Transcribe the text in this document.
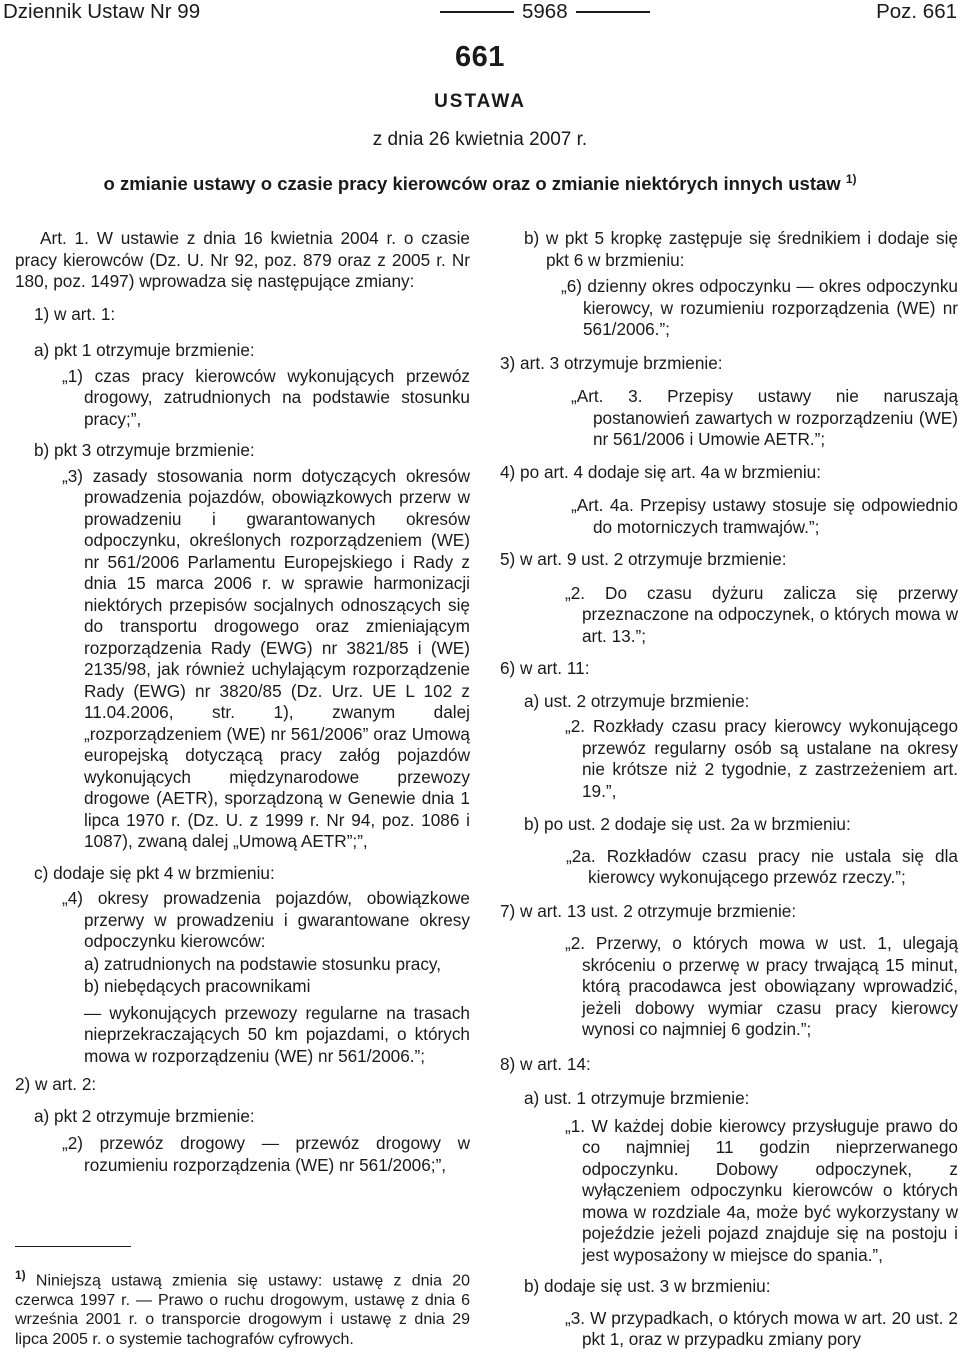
Dziennik Ustaw Nr 99	5968	Poz. 661
661
USTAWA
z dnia 26 kwietnia 2007 r.
o zmianie ustawy o czasie pracy kierowców oraz o zmianie niektórych innych ustaw $^{1)}$

Art. 1. W ustawie z dnia 16 kwietnia 2004 r. o czasie pracy kierowców (Dz. U. Nr 92, poz. 879 oraz z 2005 r. Nr 180, poz. 1497) wprowadza się następujące zmiany:

1) w art. 1:
a) pkt 1 otrzymuje brzmienie:

„1) czas pracy kierowców wykonujących przewóz drogowy, zatrudnionych na podstawie stosunku pracy;”,

b) pkt 3 otrzymuje brzmienie:

„3) zasady stosowania norm dotyczących okresów prowadzenia pojazdów, obowiązkowych przerw w prowadzeniu i gwarantowanych okresów odpoczynku, określonych rozporządzeniem (WE) nr 561/2006 Parlamentu Europejskiego i Rady z dnia 15 marca 2006 r. w sprawie harmonizacji niektórych przepisów socjalnych odnoszących się do transportu drogowego oraz zmieniającym rozporządzenia Rady (EWG) nr 3821/85 i (WE) 2135/98, jak również uchylającym rozporządzenie Rady (EWG) nr 3820/85 (Dz. Urz. UE L 102 z 11.04.2006, str. 1), zwanym dalej „rozporządzeniem (WE) nr 561/2006” oraz Umową europejską dotyczącą pracy załóg pojazdów wykonujących międzynarodowe przewozy drogowe (AETR), sporządzoną w Genewie dnia 1 lipca 1970 r. (Dz. U. z 1999 r. Nr 94, poz. 1086 i 1087), zwaną dalej „Umową AETR”;”,

c) dodaje się pkt 4 w brzmieniu:

„4) okresy prowadzenia pojazdów, obowiązkowe przerwy w prowadzeniu i gwarantowane okresy odpoczynku kierowców:

a) zatrudnionych na podstawie stosunku pracy,

b) niebędących pracownikami

— wykonujących przewozy regularne na trasach nieprzekraczających 50 km pojazdami, o których mowa w rozporządzeniu (WE) nr 561/2006.”;

2) w art. 2:
a) pkt 2 otrzymuje brzmienie:

„2) przewóz drogowy — przewóz drogowy w rozumieniu rozporządzenia (WE) nr 561/2006;”,

$^{1)}$ Niniejszą ustawą zmienia się ustawy: ustawę z dnia 20 czerwca 1997 r. — Prawo o ruchu drogowym, ustawę z dnia 6 września 2001 r. o transporcie drogowym i ustawę z dnia 29 lipca 2005 r. o systemie tachografów cyfrowych.

b) w pkt 5 kropkę zastępuje się średnikiem i dodaje się pkt 6 w brzmieniu:

„6) dzienny okres odpoczynku — okres odpoczynku kierowcy, w rozumieniu rozporządzenia (WE) nr 561/2006.”;

3) art. 3 otrzymuje brzmienie:

„Art. 3. Przepisy ustawy nie naruszają postanowień zawartych w rozporządzeniu (WE) nr 561/2006 i Umowie AETR.”;

4) po art. 4 dodaje się art. 4a w brzmieniu:

„Art. 4a. Przepisy ustawy stosuje się odpowiednio do motorniczych tramwajów.”;

5) w art. 9 ust. 2 otrzymuje brzmienie:

„2. Do czasu dyżuru zalicza się przerwy przeznaczone na odpoczynek, o których mowa w art. 13.”;

6) w art. 11:
a) ust. 2 otrzymuje brzmienie:

„2. Rozkłady czasu pracy kierowcy wykonującego przewóz regularny osób są ustalane na okresy nie krótsze niż 2 tygodnie, z zastrzeżeniem art. 19.”,

b) po ust. 2 dodaje się ust. 2a w brzmieniu:

„2a. Rozkładów czasu pracy nie ustala się dla kierowcy wykonującego przewóz rzeczy.”;

7) w art. 13 ust. 2 otrzymuje brzmienie:

„2. Przerwy, o których mowa w ust. 1, ulegają skróceniu o przerwę w pracy trwającą 15 minut, którą pracodawca jest obowiązany wprowadzić, jeżeli dobowy wymiar czasu pracy kierowcy wynosi co najmniej 6 godzin.”;

8) w art. 14:
a) ust. 1 otrzymuje brzmienie:

„1. W każdej dobie kierowcy przysługuje prawo do co najmniej 11 godzin nieprzerwanego odpoczynku. Dobowy odpoczynek, z wyłączeniem odpoczynku kierowców o których mowa w rozdziale 4a, może być wykorzystany w pojeździe jeżeli pojazd znajduje się na postoju i jest wyposażony w miejsce do spania.”,

b) dodaje się ust. 3 w brzmieniu:

„3. W przypadkach, o których mowa w art. 20 ust. 2 pkt 1, oraz w przypadku zmiany pory
